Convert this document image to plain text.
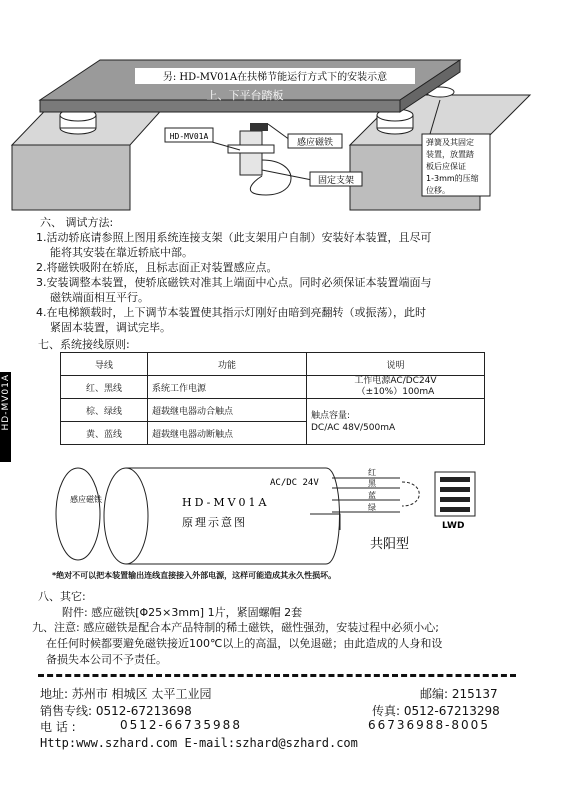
另: HD-MV01A在扶梯节能运行方式下的安装示意
上、下平台踏板
HD-MV01A
感应磁铁
固定支架
弹簧及其固定 装置，放置踏 板后应保证 1-3mm的压缩 位移。
六、 调试方法:
1.活动轿底请参照上图用系统连接支架（此支架用户自制）安装好本装置，且尽可
能将其安装在靠近轿底中部。
2.将磁铁吸附在轿底，且标志面正对装置感应点。
3.安装调整本装置，使轿底磁铁对准其上端面中心点。同时必须保证本装置端面与
磁铁端面相互平行。
4.在电梯额载时，上下调节本装置使其指示灯刚好由暗到亮翻转（或振荡），此时
紧固本装置，调试完毕。
七、系统接线原则:
HD-MV01A
导线	功能	说明
红、黑线	系统工作电源	工作电源AC/DC24V
（±10%）100mA

棕、绿线	超载继电器动合触点	触点容量:
DC/AC 48V/500mA

黄、蓝线	超载继电器动断触点	
感应磁铁	HD-MV01A
原理示意图
AC/DC 24V
红 黑 蓝 绿
LWD
共阳型
*绝对不可以把本装置输出连线直接接入外部电源，这样可能造成其永久性损坏。
八、其它:
附件: 感应磁铁[Φ25×3mm] 1片，紧固螺帽 2套
九、注意: 感应磁铁是配合本产品特制的稀土磁铁，磁性强劲，安装过程中必须小心;
在任何时候都要避免磁铁接近100℃以上的高温，以免退磁；由此造成的人身和设
备损失本公司不予责任。
地址: 苏州市 相城区 太平工业园	邮编: 215137
销售专线: 0512-67213698	传真: 0512-67213298
电 话 :	0512-66735988	66736988-8005
Http:www.szhard.com E-mail:szhard@szhard.com
